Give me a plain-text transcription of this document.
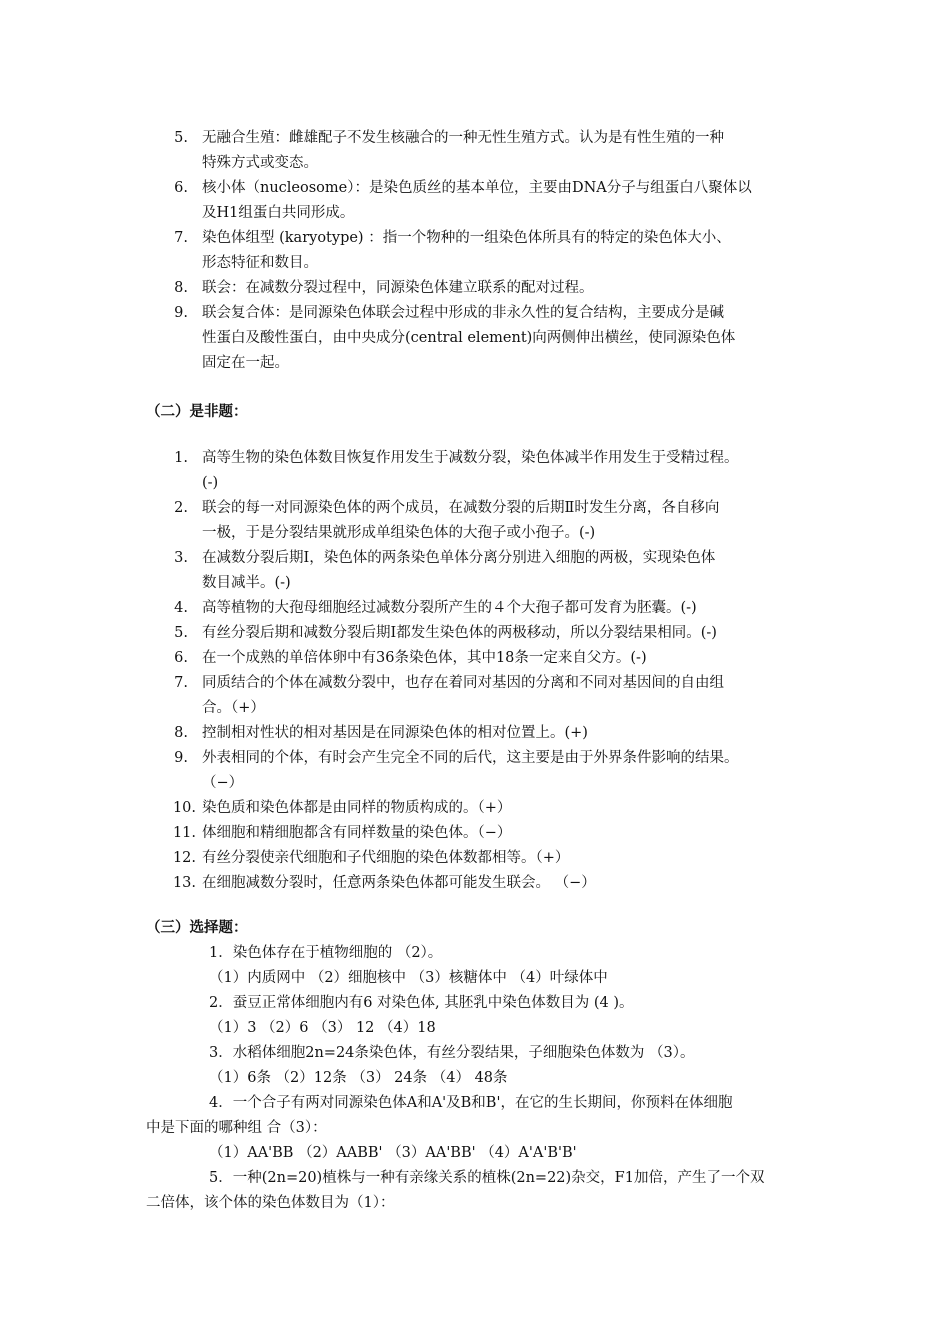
5. 无融合生殖：雌雄配子不发生核融合的一种无性生殖方式。认为是有性生殖的一种
特殊方式或变态。
6. 核小体（nucleosome）：是染色质丝的基本单位，主要由DNA分子与组蛋白八聚体以
及H1组蛋白共同形成。
7. 染色体组型 (karyotype) ：指一个物种的一组染色体所具有的特定的染色体大小、
形态特征和数目。
8. 联会：在减数分裂过程中，同源染色体建立联系的配对过程。
9. 联会复合体：是同源染色体联会过程中形成的非永久性的复合结构，主要成分是碱
性蛋白及酸性蛋白，由中央成分(central element)向两侧伸出横丝，使同源染色体
固定在一起。
（二）是非题：
1. 高等生物的染色体数目恢复作用发生于减数分裂，染色体减半作用发生于受精过程。
(-)
2. 联会的每一对同源染色体的两个成员，在减数分裂的后期Ⅱ时发生分离，各自移向
一极，于是分裂结果就形成单组染色体的大孢子或小孢子。(-)
3. 在减数分裂后期Ⅰ，染色体的两条染色单体分离分别进入细胞的两极，实现染色体
数目减半。(-)
4. 高等植物的大孢母细胞经过减数分裂所产生的４个大孢子都可发育为胚囊。(-)
5. 有丝分裂后期和减数分裂后期Ⅰ都发生染色体的两极移动，所以分裂结果相同。(-)
6. 在一个成熟的单倍体卵中有36条染色体，其中18条一定来自父方。(-)
7. 同质结合的个体在减数分裂中，也存在着同对基因的分离和不同对基因间的自由组
合。（+）
8. 控制相对性状的相对基因是在同源染色体的相对位置上。(+)
9. 外表相同的个体，有时会产生完全不同的后代，这主要是由于外界条件影响的结果。
（−）
10. 染色质和染色体都是由同样的物质构成的。（+）
11. 体细胞和精细胞都含有同样数量的染色体。（−）
12. 有丝分裂使亲代细胞和子代细胞的染色体数都相等。（+）
13. 在细胞减数分裂时，任意两条染色体都可能发生联会。 （−）
（三）选择题：
1．染色体存在于植物细胞的 （2）。
（1）内质网中 （2）细胞核中 （3）核糖体中 （4）叶绿体中
2．蚕豆正常体细胞内有6 对染色体, 其胚乳中染色体数目为 (4 )。
（1）3 （2）6 （3） 12 （4）18
3．水稻体细胞2n=24条染色体，有丝分裂结果，子细胞染色体数为 （3）。
（1）6条 （2）12条 （3） 24条 （4） 48条
4．一个合子有两对同源染色体A和A'及B和B'，在它的生长期间，你预料在体细胞
中是下面的哪种组 合（3）：
（1）AA'BB （2）AABB' （3）AA'BB' （4）A'A'B'B'
5．一种(2n=20)植株与一种有亲缘关系的植株(2n=22)杂交，F1加倍，产生了一个双
二倍体，该个体的染色体数目为（1）：
